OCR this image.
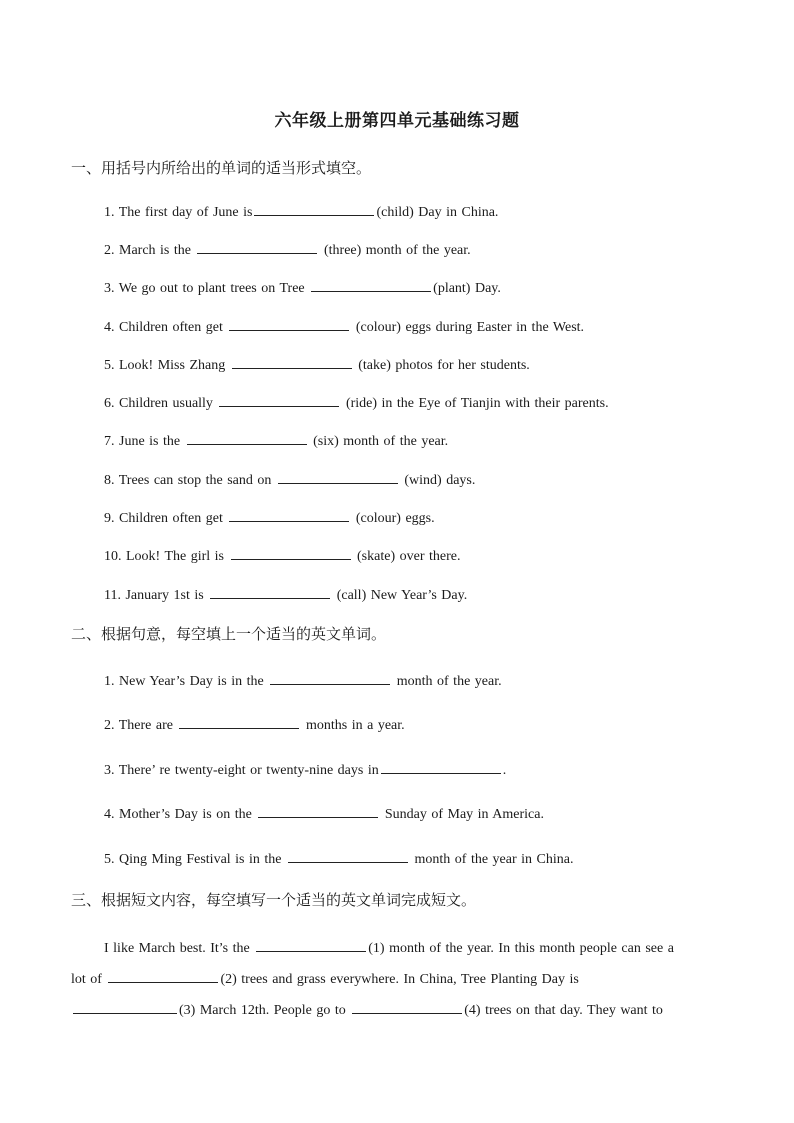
六年级上册第四单元基础练习题
一、用括号内所给出的单词的适当形式填空。
1. The first day of June is	(child) Day in China.
2. March is the	(three) month of the year.
3. We go out to plant trees on Tree	(plant) Day.
4. Children often get	(colour) eggs during Easter in the West.
5. Look! Miss Zhang	(take) photos for her students.
6. Children usually	(ride) in the Eye of Tianjin with their parents.
7. June is the	(six) month of the year.
8. Trees can stop the sand on	(wind) days.
9. Children often get	(colour) eggs.
10. Look! The girl is	(skate) over there.
11. January 1st is	(call) New Year’s Day.
二、根据句意，每空填上一个适当的英文单词。
1. New Year’s Day is in the	month of the year.
2. There are	months in a year.
3. There’ re twenty-eight or twenty-nine days in	.
4. Mother’s Day is on the	Sunday of May in America.
5. Qing Ming Festival is in the	month of the year in China.
三、根据短文内容，每空填写一个适当的英文单词完成短文。
I like March best. It’s the	(1) month of the year. In this month people can see a
lot of	(2) trees and grass everywhere. In China, Tree Planting Day is
(3) March 12th. People go to	(4) trees on that day. They want to
